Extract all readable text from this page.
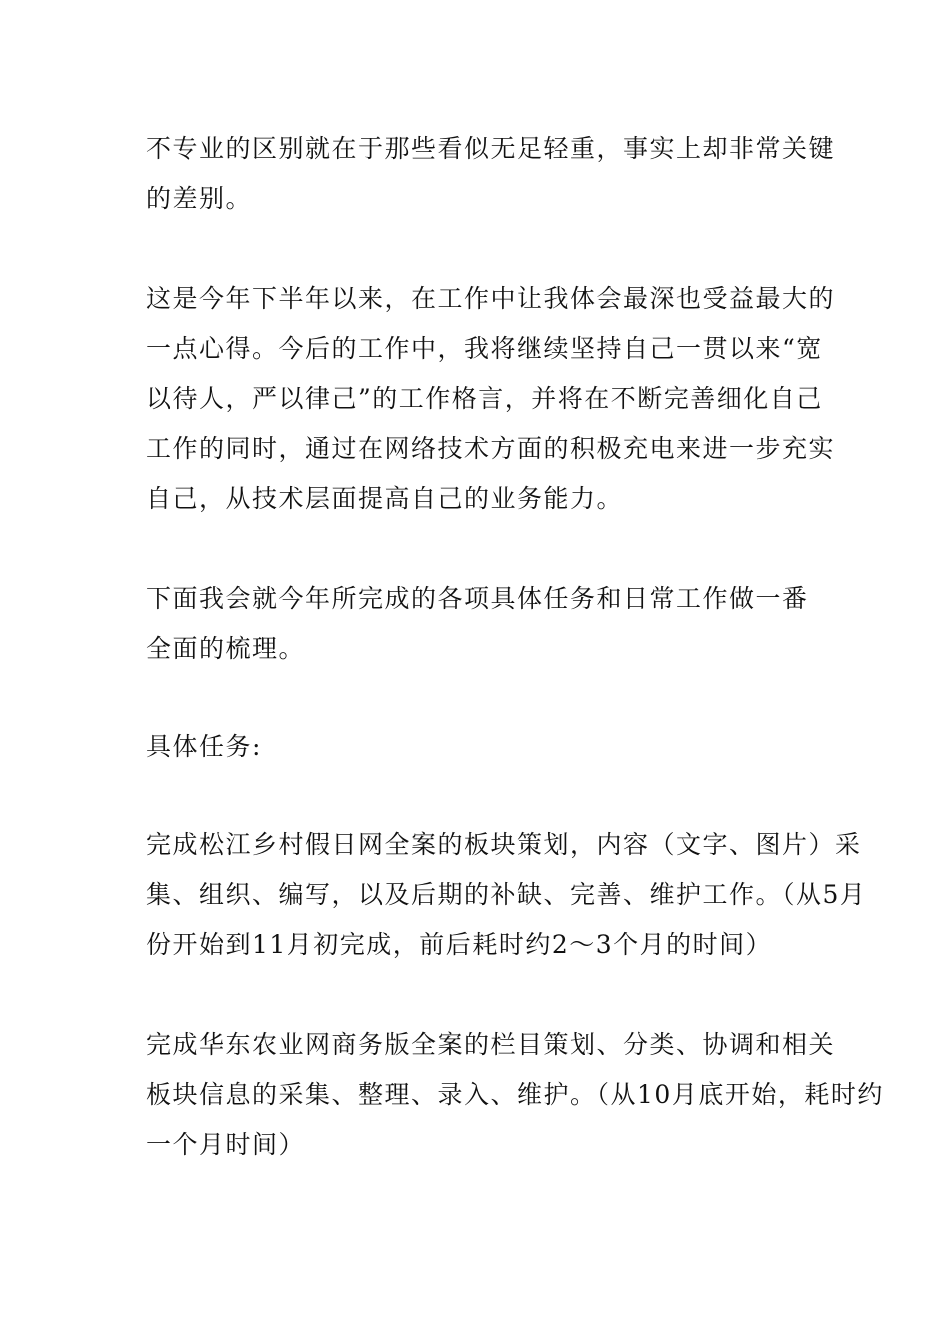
不专业的区别就在于那些看似无足轻重，事实上却非常关键
的差别。
这是今年下半年以来，在工作中让我体会最深也受益最大的
一点心得。今后的工作中，我将继续坚持自己一贯以来“宽
以待人，严以律己”的工作格言，并将在不断完善细化自己
工作的同时，通过在网络技术方面的积极充电来进一步充实
自己，从技术层面提高自己的业务能力。
下面我会就今年所完成的各项具体任务和日常工作做一番
全面的梳理。
具体任务:
完成松江乡村假日网全案的板块策划，内容（文字、图片）采
集、组织、编写，以及后期的补缺、完善、维护工作。（从5月
份开始到11月初完成，前后耗时约2～3个月的时间）
完成华东农业网商务版全案的栏目策划、分类、协调和相关
板块信息的采集、整理、录入、维护。（从10月底开始，耗时约
一个月时间）
